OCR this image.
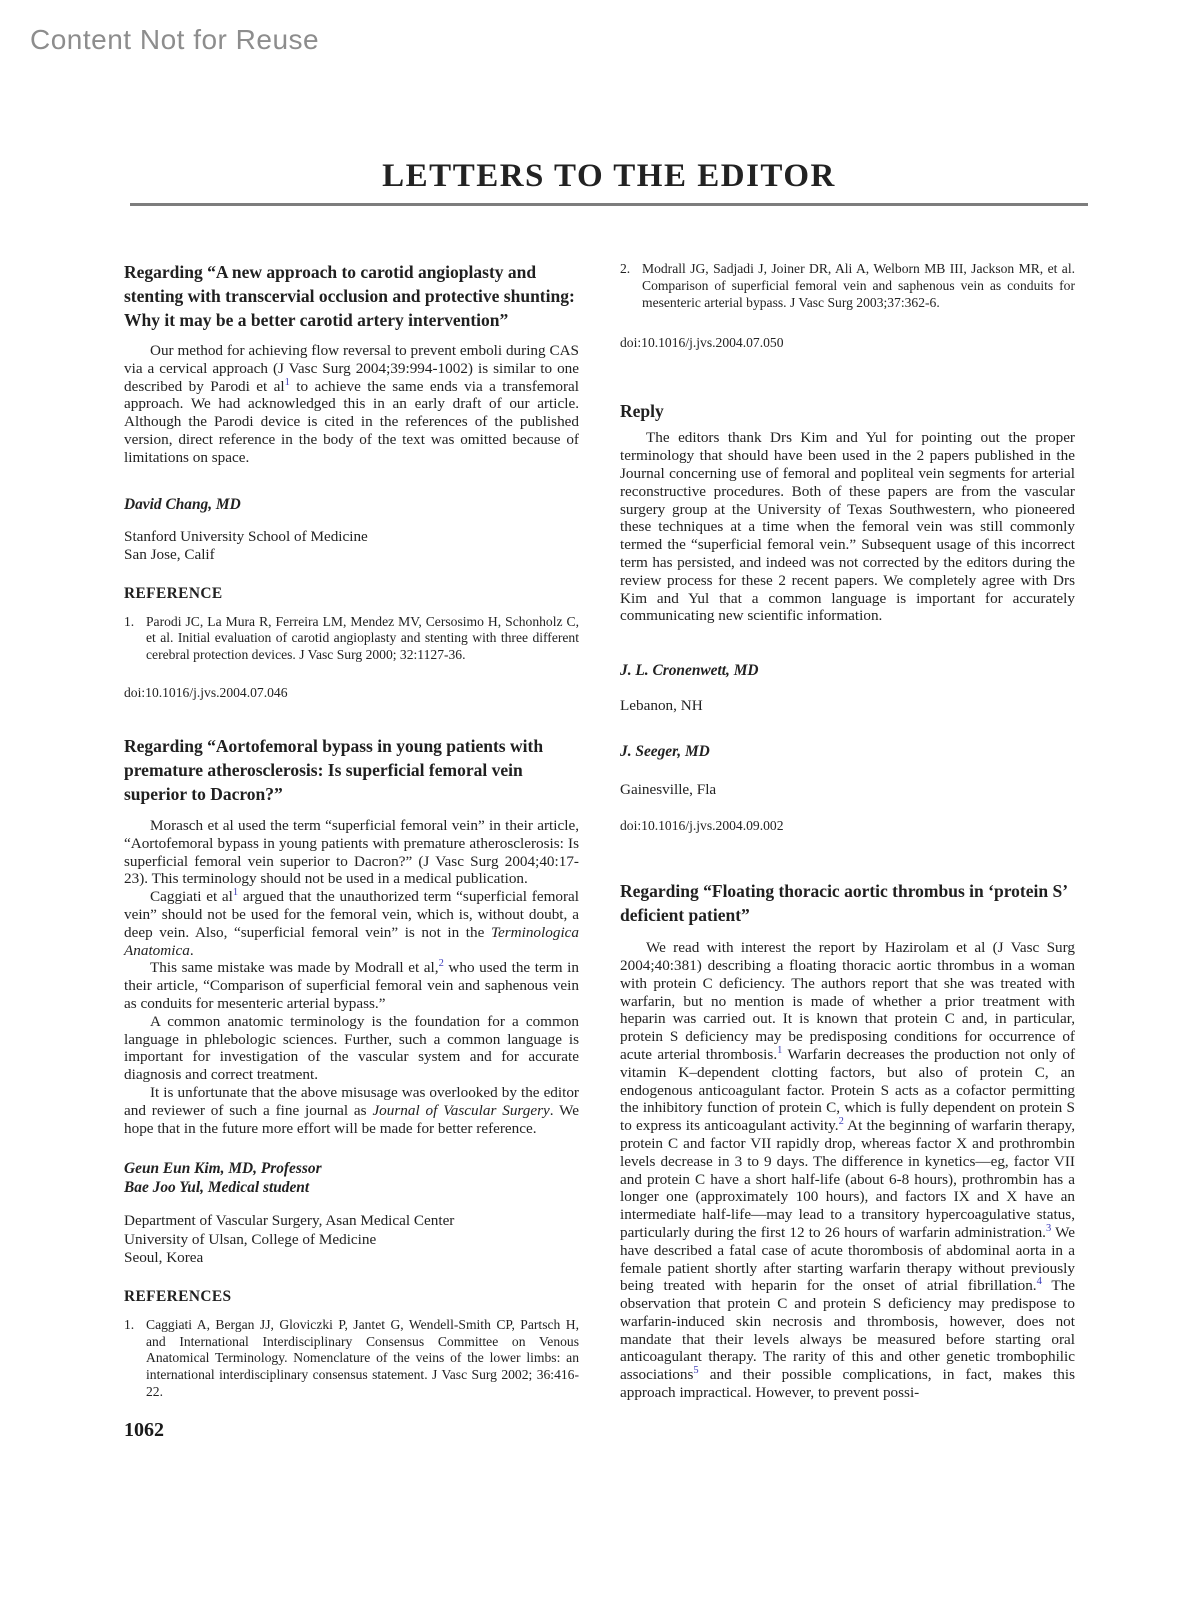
Content Not for Reuse
LETTERS TO THE EDITOR
Regarding “A new approach to carotid angioplasty and stenting with transcervial occlusion and protective shunting: Why it may be a better carotid artery intervention”

Our method for achieving flow reversal to prevent emboli during CAS via a cervical approach (J Vasc Surg 2004;39:994-1002) is similar to one described by Parodi et al$^1$ to achieve the same ends via a transfemoral approach. We had acknowledged this in an early draft of our article. Although the Parodi device is cited in the references of the published version, direct reference in the body of the text was omitted because of limitations on space.

David Chang, MD
Stanford University School of Medicine
San Jose, Calif
REFERENCE
1. Parodi JC, La Mura R, Ferreira LM, Mendez MV, Cersosimo H, Schonholz C, et al. Initial evaluation of carotid angioplasty and stenting with three different cerebral protection devices. J Vasc Surg 2000; 32:1127-36.
doi:10.1016/j.jvs.2004.07.046
Regarding “Aortofemoral bypass in young patients with premature atherosclerosis: Is superficial femoral vein superior to Dacron?”

Morasch et al used the term “superficial femoral vein” in their article, “Aortofemoral bypass in young patients with premature atherosclerosis: Is superficial femoral vein superior to Dacron?” (J Vasc Surg 2004;40:17-23). This terminology should not be used in a medical publication.

Caggiati et al$^1$ argued that the unauthorized term “superficial femoral vein” should not be used for the femoral vein, which is, without doubt, a deep vein. Also, “superficial femoral vein” is not in the Terminologica Anatomica.

This same mistake was made by Modrall et al,$^2$ who used the term in their article, “Comparison of superficial femoral vein and saphenous vein as conduits for mesenteric arterial bypass.”

A common anatomic terminology is the foundation for a common language in phlebologic sciences. Further, such a common language is important for investigation of the vascular system and for accurate diagnosis and correct treatment.

It is unfortunate that the above misusage was overlooked by the editor and reviewer of such a fine journal as Journal of Vascular Surgery. We hope that in the future more effort will be made for better reference.

Geun Eun Kim, MD, Professor
Bae Joo Yul, Medical student
Department of Vascular Surgery, Asan Medical Center
University of Ulsan, College of Medicine
Seoul, Korea
REFERENCES
1. Caggiati A, Bergan JJ, Gloviczki P, Jantet G, Wendell-Smith CP, Partsch H, and International Interdisciplinary Consensus Committee on Venous Anatomical Terminology. Nomenclature of the veins of the lower limbs: an international interdisciplinary consensus statement. J Vasc Surg 2002; 36:416-22.
1062
2. Modrall JG, Sadjadi J, Joiner DR, Ali A, Welborn MB III, Jackson MR, et al. Comparison of superficial femoral vein and saphenous vein as conduits for mesenteric arterial bypass. J Vasc Surg 2003;37:362-6.
doi:10.1016/j.jvs.2004.07.050
Reply

The editors thank Drs Kim and Yul for pointing out the proper terminology that should have been used in the 2 papers published in the Journal concerning use of femoral and popliteal vein segments for arterial reconstructive procedures. Both of these papers are from the vascular surgery group at the University of Texas Southwestern, who pioneered these techniques at a time when the femoral vein was still commonly termed the “superficial femoral vein.” Subsequent usage of this incorrect term has persisted, and indeed was not corrected by the editors during the review process for these 2 recent papers. We completely agree with Drs Kim and Yul that a common language is important for accurately communicating new scientific information.

J. L. Cronenwett, MD
Lebanon, NH
J. Seeger, MD
Gainesville, Fla
doi:10.1016/j.jvs.2004.09.002
Regarding “Floating thoracic aortic thrombus in ‘protein S’ deficient patient”

We read with interest the report by Hazirolam et al (J Vasc Surg 2004;40:381) describing a floating thoracic aortic thrombus in a woman with protein C deficiency. The authors report that she was treated with warfarin, but no mention is made of whether a prior treatment with heparin was carried out. It is known that protein C and, in particular, protein S deficiency may be predisposing conditions for occurrence of acute arterial thrombosis.$^1$ Warfarin decreases the production not only of vitamin K–dependent clotting factors, but also of protein C, an endogenous anticoagulant factor. Protein S acts as a cofactor permitting the inhibitory function of protein C, which is fully dependent on protein S to express its anticoagulant activity.$^2$ At the beginning of warfarin therapy, protein C and factor VII rapidly drop, whereas factor X and prothrombin levels decrease in 3 to 9 days. The difference in kynetics—eg, factor VII and protein C have a short half-life (about 6-8 hours), prothrombin has a longer one (approximately 100 hours), and factors IX and X have an intermediate half-life—may lead to a transitory hypercoagulative status, particularly during the first 12 to 26 hours of warfarin administration.$^3$ We have described a fatal case of acute thorombosis of abdominal aorta in a female patient shortly after starting warfarin therapy without previously being treated with heparin for the onset of atrial fibrillation.$^4$ The observation that protein C and protein S deficiency may predispose to warfarin-induced skin necrosis and thrombosis, however, does not mandate that their levels always be measured before starting oral anticoagulant therapy. The rarity of this and other genetic trombophilic associations$^5$ and their possible complications, in fact, makes this approach impractical. However, to prevent possi-
